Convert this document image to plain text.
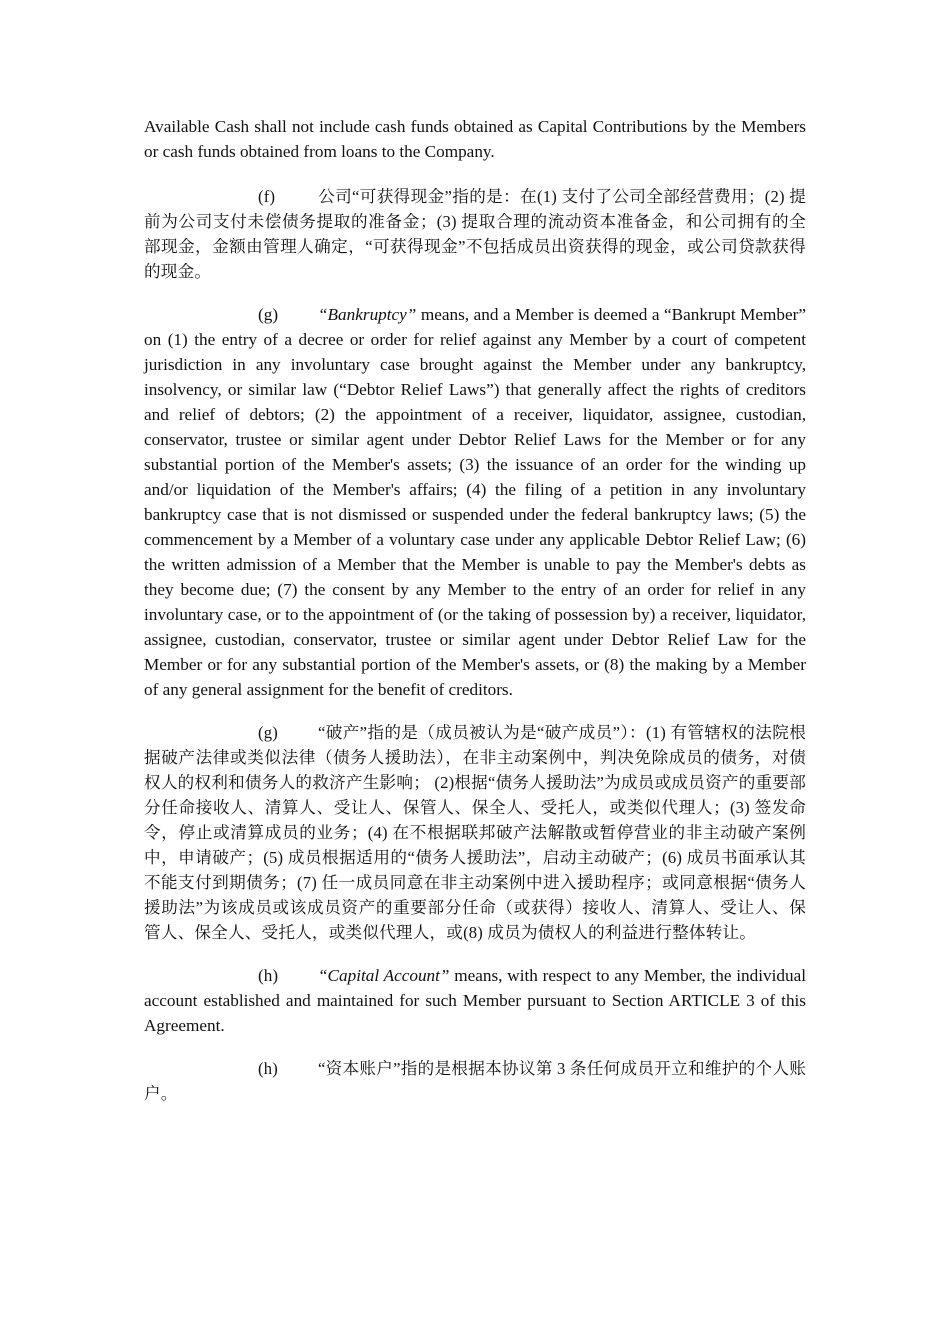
Available Cash shall not include cash funds obtained as Capital Contributions by the Members or cash funds obtained from loans to the Company.

(f)	公司“可获得现金”指的是：在(1) 支付了公司全部经营费用；(2) 提前为公司支付未偿债务提取的准备金；(3) 提取合理的流动资本准备金，和公司拥有的全部现金，金额由管理人确定，“可获得现金”不包括成员出资获得的现金，或公司贷款获得的现金。

(g) “Bankruptcy” means, and a Member is deemed a “Bankrupt Member” on (1) the entry of a decree or order for relief against any Member by a court of competent jurisdiction in any involuntary case brought against the Member under any bankruptcy, insolvency, or similar law (“Debtor Relief Laws”) that generally affect the rights of creditors and relief of debtors; (2) the appointment of a receiver, liquidator, assignee, custodian, conservator, trustee or similar agent under Debtor Relief Laws for the Member or for any substantial portion of the Member's assets; (3) the issuance of an order for the winding up and/or liquidation of the Member's affairs; (4) the filing of a petition in any involuntary bankruptcy case that is not dismissed or suspended under the federal bankruptcy laws; (5) the commencement by a Member of a voluntary case under any applicable Debtor Relief Law; (6) the written admission of a Member that the Member is unable to pay the Member's debts as they become due; (7) the consent by any Member to the entry of an order for relief in any involuntary case, or to the appointment of (or the taking of possession by) a receiver, liquidator, assignee, custodian, conservator, trustee or similar agent under Debtor Relief Law for the Member or for any substantial portion of the Member's assets, or (8) the making by a Member of any general assignment for the benefit of creditors.

(g) “破产”指的是（成员被认为是“破产成员”）：(1) 有管辖权的法院根据破产法律或类似法律（债务人援助法），在非主动案例中，判决免除成员的债务，对债权人的权利和债务人的救济产生影响； (2)根据“债务人援助法”为成员或成员资产的重要部分任命接收人、清算人、受让人、保管人、保全人、受托人，或类似代理人；(3) 签发命令，停止或清算成员的业务；(4) 在不根据联邦破产法解散或暂停营业的非主动破产案例中，申请破产；(5) 成员根据适用的“债务人援助法”，启动主动破产；(6) 成员书面承认其不能支付到期债务；(7) 任一成员同意在非主动案例中进入援助程序；或同意根据“债务人援助法”为该成员或该成员资产的重要部分任命（或获得）接收人、清算人、受让人、保管人、保全人、受托人，或类似代理人，或(8) 成员为债权人的利益进行整体转让。

(h) “Capital Account” means, with respect to any Member, the individual account established and maintained for such Member pursuant to Section ARTICLE 3 of this Agreement.

(h) “资本账户”指的是根据本协议第 3 条任何成员开立和维护的个人账户。
